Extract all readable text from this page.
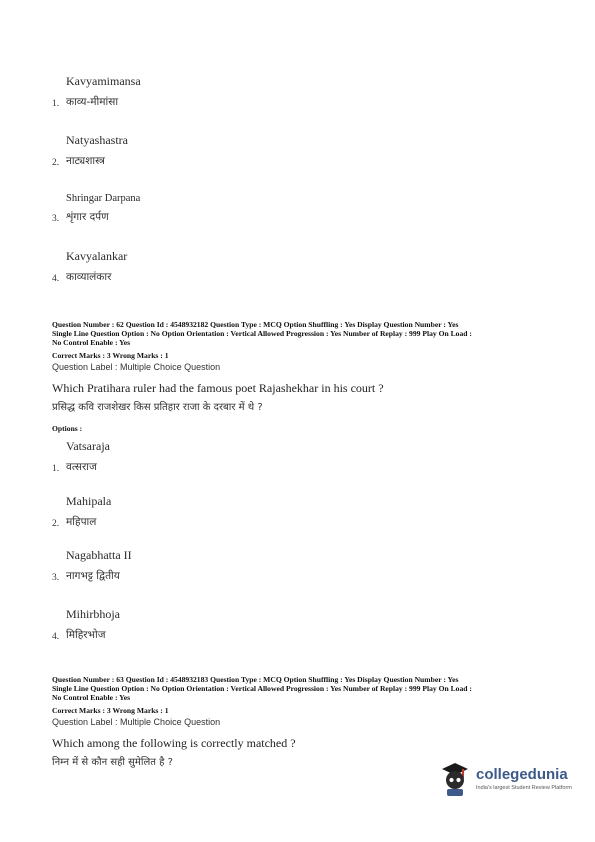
Kavyamimansa
1. काव्य-मीमांसा
Natyashastra
2. नाट्यशास्त्र
Shringar Darpana
3. शृंगार दर्पण
Kavyalankar
4. काव्यालंकार
Question Number : 62 Question Id : 4548932182 Question Type : MCQ Option Shuffling : Yes Display Question Number : Yes
Single Line Question Option : No Option Orientation : Vertical Allowed Progression : Yes Number of Replay : 999 Play On Load :
No Control Enable : Yes
Correct Marks : 3 Wrong Marks : 1
Question Label : Multiple Choice Question
Which Pratihara ruler had the famous poet Rajashekhar in his court ?
प्रसिद्ध कवि राजशेखर किस प्रतिहार राजा के दरबार में थे ?
Options :
Vatsaraja
1. वत्सराज
Mahipala
2. महिपाल
Nagabhatta II
3. नागभट्ट द्वितीय
Mihirbhoja
4. मिहिरभोज
Question Number : 63 Question Id : 4548932183 Question Type : MCQ Option Shuffling : Yes Display Question Number : Yes
Single Line Question Option : No Option Orientation : Vertical Allowed Progression : Yes Number of Replay : 999 Play On Load :
No Control Enable : Yes
Correct Marks : 3 Wrong Marks : 1
Question Label : Multiple Choice Question
Which among the following is correctly matched ?
निम्न में से कौन सही सुमेलित है ?
collegedunia
India's largest Student Review Platform
